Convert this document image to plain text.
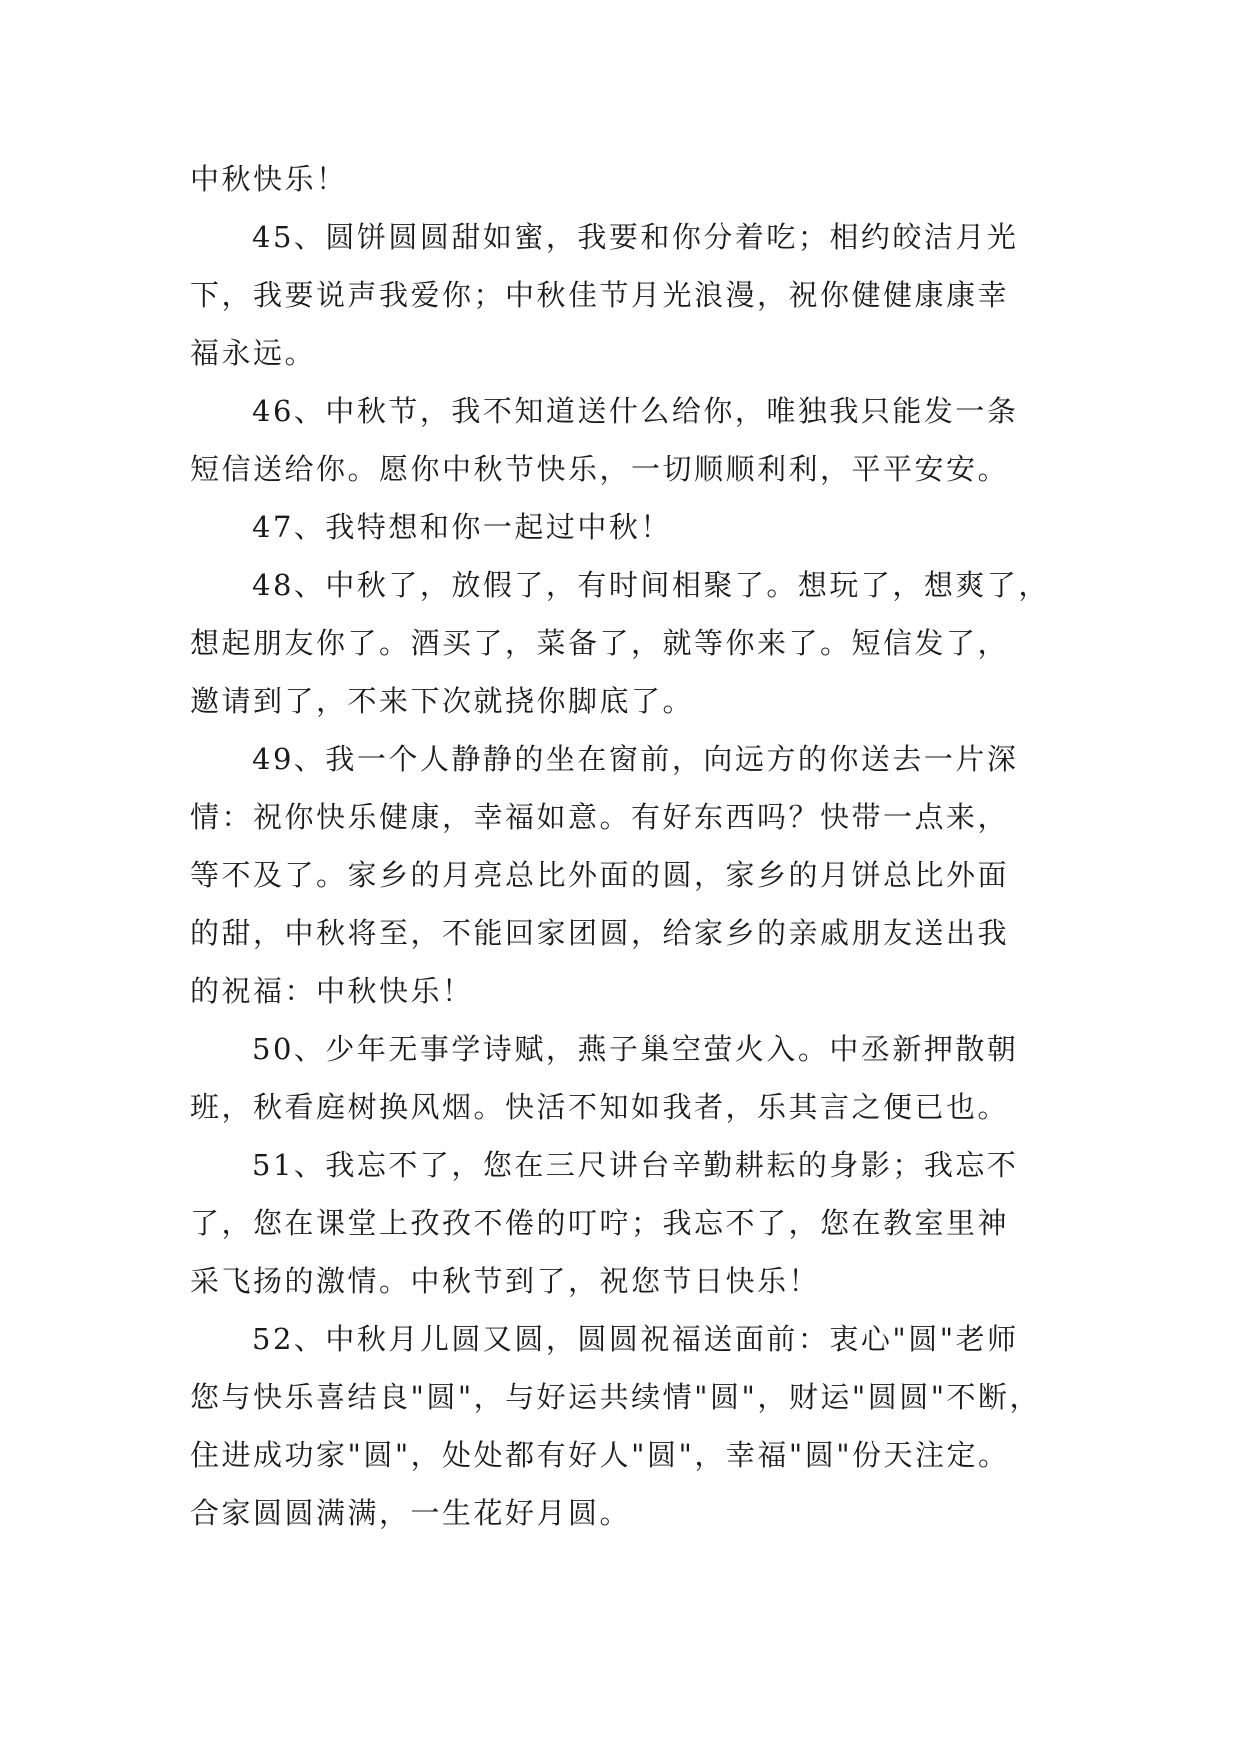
中秋快乐！
45、圆饼圆圆甜如蜜，我要和你分着吃；相约皎洁月光
下，我要说声我爱你；中秋佳节月光浪漫，祝你健健康康幸
福永远。
46、中秋节，我不知道送什么给你，唯独我只能发一条
短信送给你。愿你中秋节快乐，一切顺顺利利，平平安安。
47、我特想和你一起过中秋！
48、中秋了，放假了，有时间相聚了。想玩了，想爽了，
想起朋友你了。酒买了，菜备了，就等你来了。短信发了，
邀请到了，不来下次就挠你脚底了。
49、我一个人静静的坐在窗前，向远方的你送去一片深
情：祝你快乐健康，幸福如意。有好东西吗？快带一点来，
等不及了。家乡的月亮总比外面的圆，家乡的月饼总比外面
的甜，中秋将至，不能回家团圆，给家乡的亲戚朋友送出我
的祝福：中秋快乐！
50、少年无事学诗赋，燕子巢空萤火入。中丞新押散朝
班，秋看庭树换风烟。快活不知如我者，乐其言之便已也。
51、我忘不了，您在三尺讲台辛勤耕耘的身影；我忘不
了，您在课堂上孜孜不倦的叮咛；我忘不了，您在教室里神
采飞扬的激情。中秋节到了，祝您节日快乐！
52、中秋月儿圆又圆，圆圆祝福送面前：衷心"圆"老师
您与快乐喜结良"圆"，与好运共续情"圆"，财运"圆圆"不断，
住进成功家"圆"，处处都有好人"圆"，幸福"圆"份天注定。
合家圆圆满满，一生花好月圆。
